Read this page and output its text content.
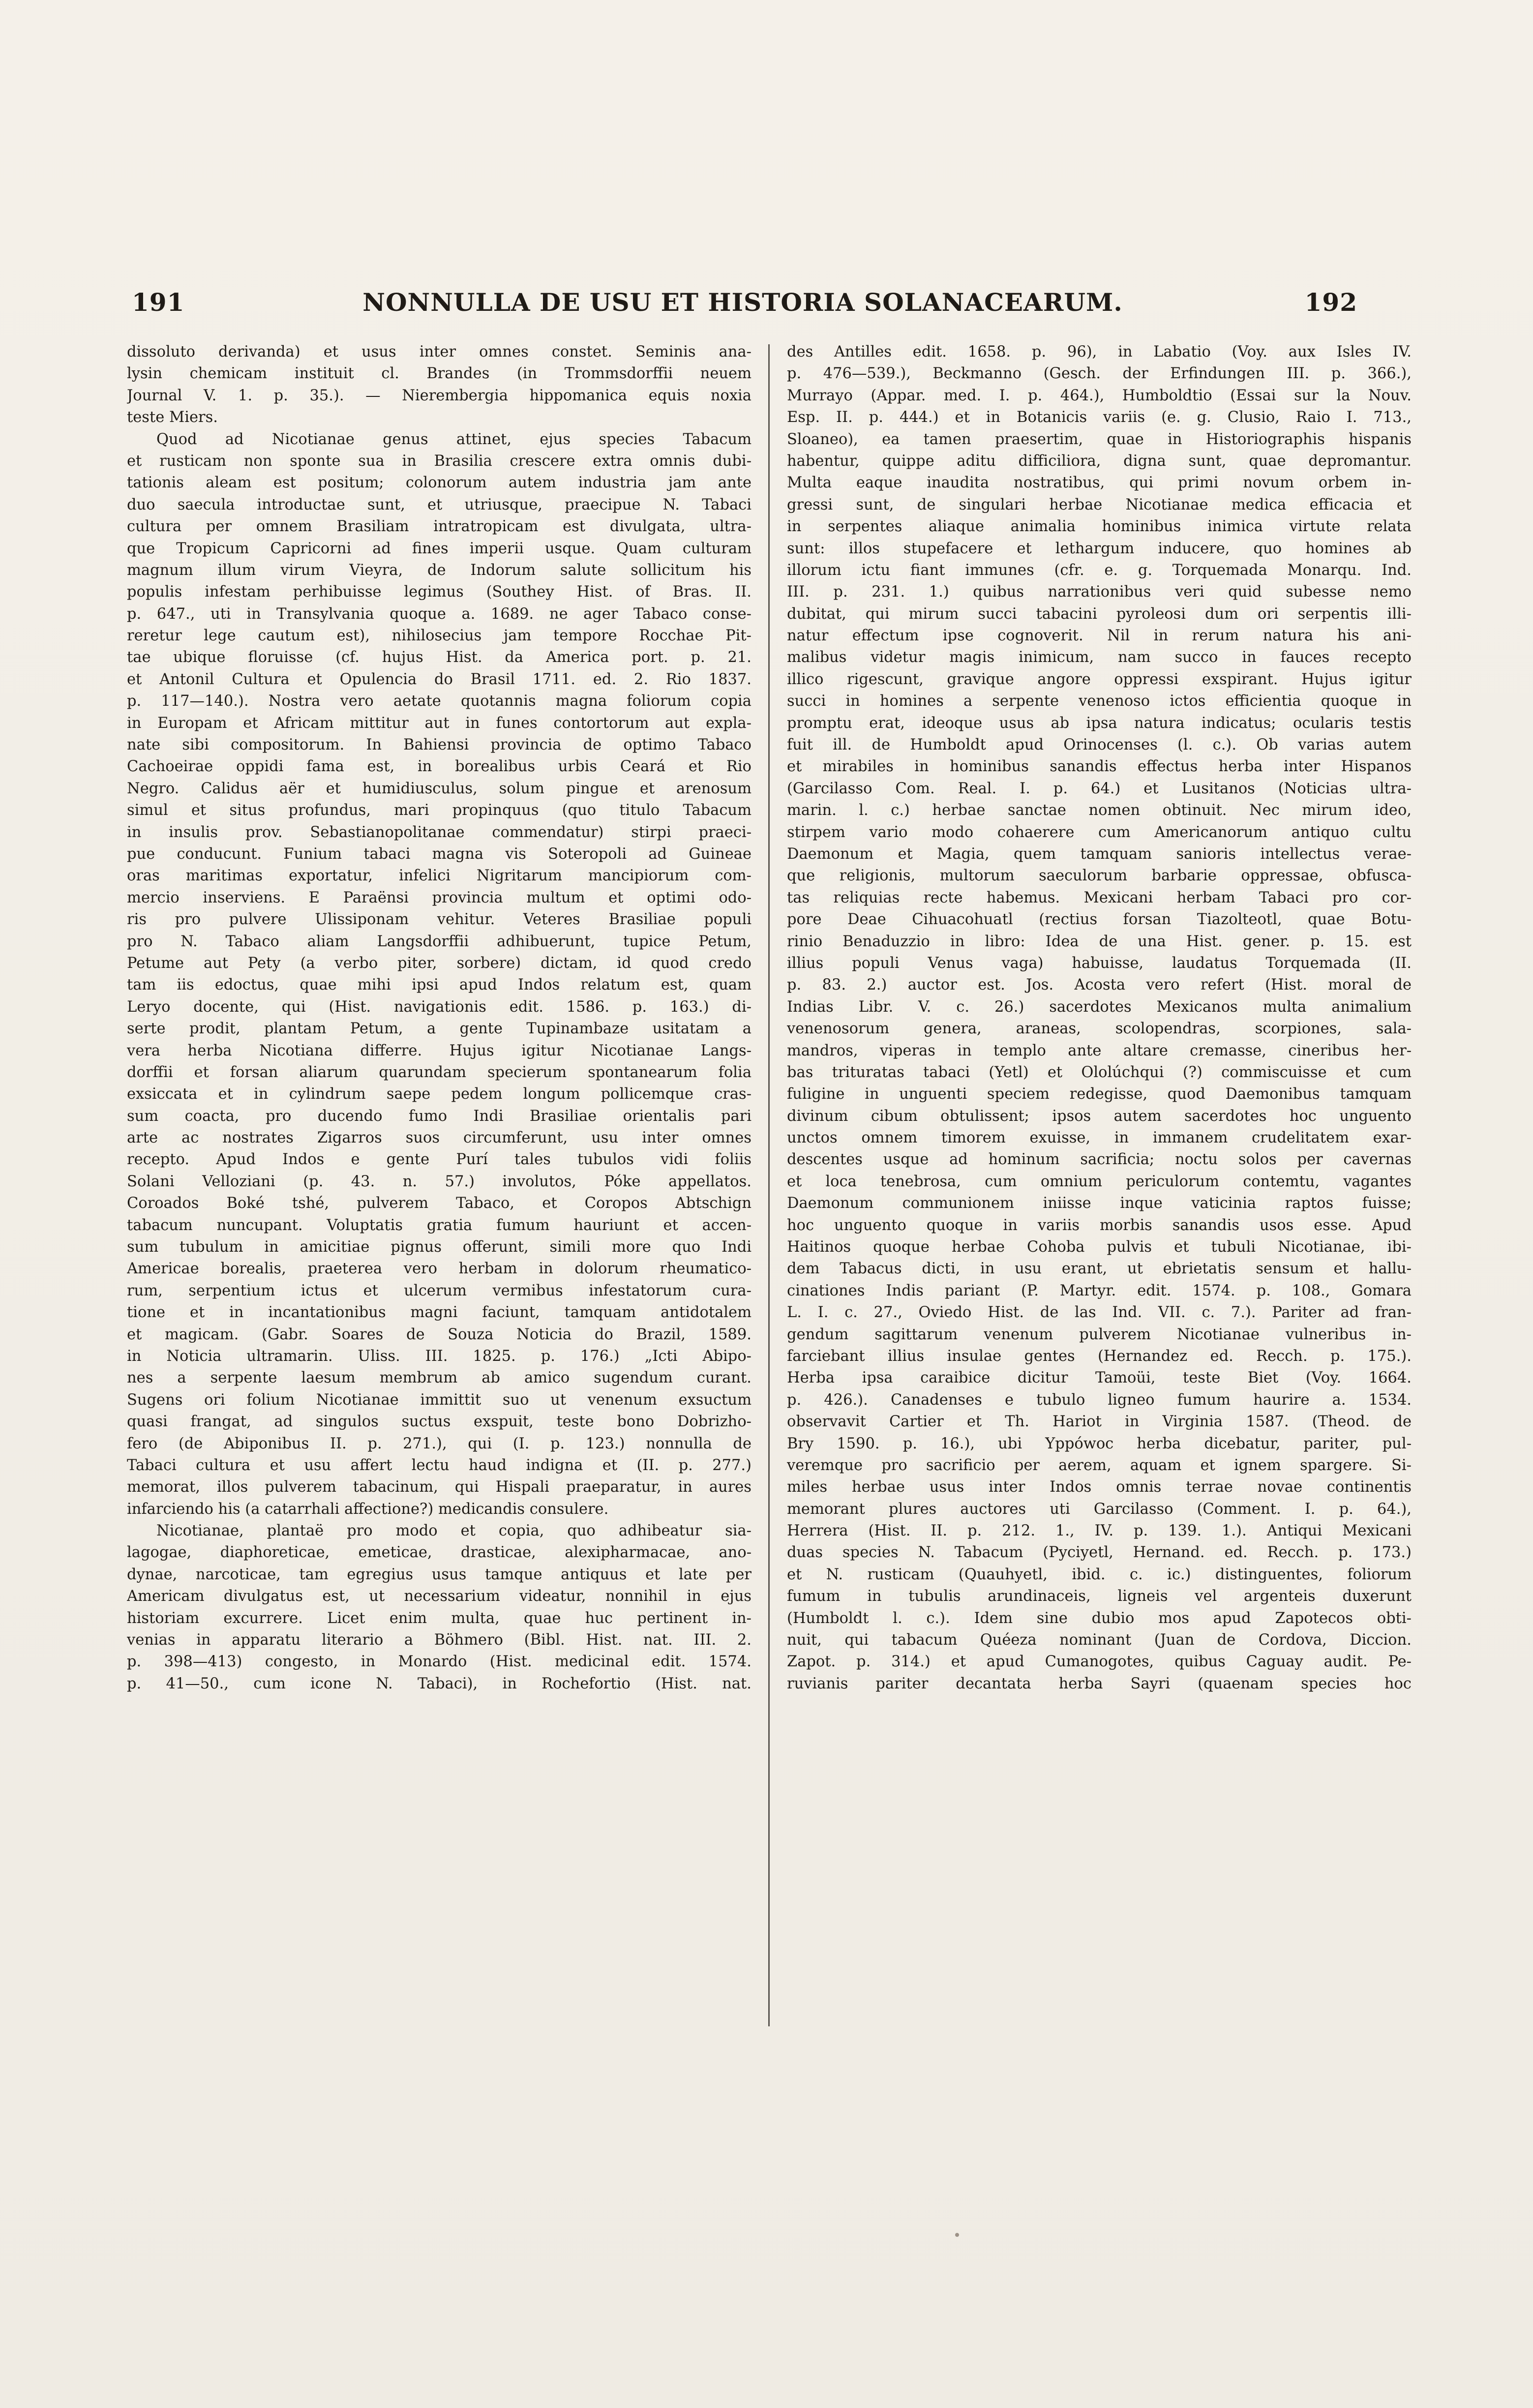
191	NONNULLA DE USU ET HISTORIA SOLANACEARUM.	192
dissoluto derivanda) et usus inter omnes constet. Seminis ana-
lysin chemicam instituit cl. Brandes (in Trommsdorffii neuem
Journal V. 1. p. 35.). — Nierembergia hippomanica equis noxia
teste Miers.
Quod ad Nicotianae genus attinet, ejus species Tabacum
et rusticam non sponte sua in Brasilia crescere extra omnis dubi-
tationis aleam est positum; colonorum autem industria jam ante
duo saecula introductae sunt, et utriusque, praecipue N. Tabaci
cultura per omnem Brasiliam intratropicam est divulgata, ultra-
que Tropicum Capricorni ad fines imperii usque. Quam culturam
magnum illum virum Vieyra, de Indorum salute sollicitum his
populis infestam perhibuisse legimus (Southey Hist. of Bras. II.
p. 647., uti in Transylvania quoque a. 1689. ne ager Tabaco conse-
reretur lege cautum est), nihilosecius jam tempore Rocchae Pit-
tae ubique floruisse (cf. hujus Hist. da America port. p. 21.
et Antonil Cultura et Opulencia do Brasil 1711. ed. 2. Rio 1837.
p. 117—140.). Nostra vero aetate quotannis magna foliorum copia
in Europam et Africam mittitur aut in funes contortorum aut expla-
nate sibi compositorum. In Bahiensi provincia de optimo Tabaco
Cachoeirae oppidi fama est, in borealibus urbis Ceará et Rio
Negro. Calidus aër et humidiusculus, solum pingue et arenosum
simul et situs profundus, mari propinquus (quo titulo Tabacum
in insulis prov. Sebastianopolitanae commendatur) stirpi praeci-
pue conducunt. Funium tabaci magna vis Soteropoli ad Guineae
oras maritimas exportatur, infelici Nigritarum mancipiorum com-
mercio inserviens. E Paraënsi provincia multum et optimi odo-
ris pro pulvere Ulissiponam vehitur. Veteres Brasiliae populi
pro N. Tabaco aliam Langsdorffii adhibuerunt, tupice Petum,
Petume aut Pety (a verbo piter, sorbere) dictam, id quod credo
tam iis edoctus, quae mihi ipsi apud Indos relatum est, quam
Leryo docente, qui (Hist. navigationis edit. 1586. p. 163.) di-
serte prodit, plantam Petum, a gente Tupinambaze usitatam a
vera herba Nicotiana differre. Hujus igitur Nicotianae Langs-
dorffii et forsan aliarum quarundam specierum spontanearum folia
exsiccata et in cylindrum saepe pedem longum pollicemque cras-
sum coacta, pro ducendo fumo Indi Brasiliae orientalis pari
arte ac nostrates Zigarros suos circumferunt, usu inter omnes
recepto. Apud Indos e gente Purí tales tubulos vidi foliis
Solani Velloziani (p. 43. n. 57.) involutos, Póke appellatos.
Coroados Boké tshé, pulverem Tabaco, et Coropos Abtschign
tabacum nuncupant. Voluptatis gratia fumum hauriunt et accen-
sum tubulum in amicitiae pignus offerunt, simili more quo Indi
Americae borealis, praeterea vero herbam in dolorum rheumatico-
rum, serpentium ictus et ulcerum vermibus infestatorum cura-
tione et in incantationibus magni faciunt, tamquam antidotalem
et magicam. (Gabr. Soares de Souza Noticia do Brazil, 1589.
in Noticia ultramarin. Uliss. III. 1825. p. 176.) „Icti Abipo-
nes a serpente laesum membrum ab amico sugendum curant.
Sugens ori folium Nicotianae immittit suo ut venenum exsuctum
quasi frangat, ad singulos suctus exspuit, teste bono Dobrizho-
fero (de Abiponibus II. p. 271.), qui (I. p. 123.) nonnulla de
Tabaci cultura et usu affert lectu haud indigna et (II. p. 277.)
memorat, illos pulverem tabacinum, qui Hispali praeparatur, in aures
infarciendo his (a catarrhali affectione?) medicandis consulere.
Nicotianae, plantaë pro modo et copia, quo adhibeatur sia-
lagogae, diaphoreticae, emeticae, drasticae, alexipharmacae, ano-
dynae, narcoticae, tam egregius usus tamque antiquus et late per
Americam divulgatus est, ut necessarium videatur, nonnihil in ejus
historiam excurrere. Licet enim multa, quae huc pertinent in-
venias in apparatu literario a Böhmero (Bibl. Hist. nat. III. 2.
p. 398—413) congesto, in Monardo (Hist. medicinal edit. 1574.
p. 41—50., cum icone N. Tabaci), in Rochefortio (Hist. nat.
des Antilles edit. 1658. p. 96), in Labatio (Voy. aux Isles IV.
p. 476—539.), Beckmanno (Gesch. der Erfindungen III. p. 366.),
Murrayo (Appar. med. I. p. 464.), Humboldtio (Essai sur la Nouv.
Esp. II. p. 444.) et in Botanicis variis (e. g. Clusio, Raio I. 713.,
Sloaneo), ea tamen praesertim, quae in Historiographis hispanis
habentur, quippe aditu difficiliora, digna sunt, quae depromantur.
Multa eaque inaudita nostratibus, qui primi novum orbem in-
gressi sunt, de singulari herbae Nicotianae medica efficacia et
in serpentes aliaque animalia hominibus inimica virtute relata
sunt: illos stupefacere et lethargum inducere, quo homines ab
illorum ictu fiant immunes (cfr. e. g. Torquemada Monarqu. Ind.
III. p. 231. 1.) quibus narrationibus veri quid subesse nemo
dubitat, qui mirum succi tabacini pyroleosi dum ori serpentis illi-
natur effectum ipse cognoverit. Nil in rerum natura his ani-
malibus videtur magis inimicum, nam succo in fauces recepto
illico rigescunt, gravique angore oppressi exspirant. Hujus igitur
succi in homines a serpente venenoso ictos efficientia quoque in
promptu erat, ideoque usus ab ipsa natura indicatus; ocularis testis
fuit ill. de Humboldt apud Orinocenses (l. c.). Ob varias autem
et mirabiles in hominibus sanandis effectus herba inter Hispanos
(Garcilasso Com. Real. I. p. 64.) et Lusitanos (Noticias ultra-
marin. l. c.) herbae sanctae nomen obtinuit. Nec mirum ideo,
stirpem vario modo cohaerere cum Americanorum antiquo cultu
Daemonum et Magia, quem tamquam sanioris intellectus verae-
que religionis, multorum saeculorum barbarie oppressae, obfusca-
tas reliquias recte habemus. Mexicani herbam Tabaci pro cor-
pore Deae Cihuacohuatl (rectius forsan Tiazolteotl, quae Botu-
rinio Benaduzzio in libro: Idea de una Hist. gener. p. 15. est
illius populi Venus vaga) habuisse, laudatus Torquemada (II.
p. 83. 2.) auctor est. Jos. Acosta vero refert (Hist. moral de
Indias Libr. V. c. 26.) sacerdotes Mexicanos multa animalium
venenosorum genera, araneas, scolopendras, scorpiones, sala-
mandros, viperas in templo ante altare cremasse, cineribus her-
bas trituratas tabaci (Yetl) et Ololúchqui (?) commiscuisse et cum
fuligine in unguenti speciem redegisse, quod Daemonibus tamquam
divinum cibum obtulissent; ipsos autem sacerdotes hoc unguento
unctos omnem timorem exuisse, in immanem crudelitatem exar-
descentes usque ad hominum sacrificia; noctu solos per cavernas
et loca tenebrosa, cum omnium periculorum contemtu, vagantes
Daemonum communionem iniisse inque vaticinia raptos fuisse;
hoc unguento quoque in variis morbis sanandis usos esse. Apud
Haitinos quoque herbae Cohoba pulvis et tubuli Nicotianae, ibi-
dem Tabacus dicti, in usu erant, ut ebrietatis sensum et hallu-
cinationes Indis pariant (P. Martyr. edit. 1574. p. 108., Gomara
L. I. c. 27., Oviedo Hist. de las Ind. VII. c. 7.). Pariter ad fran-
gendum sagittarum venenum pulverem Nicotianae vulneribus in-
farciebant illius insulae gentes (Hernandez ed. Recch. p. 175.).
Herba ipsa caraibice dicitur Tamoüi, teste Biet (Voy. 1664.
p. 426.). Canadenses e tubulo ligneo fumum haurire a. 1534.
observavit Cartier et Th. Hariot in Virginia 1587. (Theod. de
Bry 1590. p. 16.), ubi Yppówoc herba dicebatur, pariter, pul-
veremque pro sacrificio per aerem, aquam et ignem spargere. Si-
miles herbae usus inter Indos omnis terrae novae continentis
memorant plures auctores uti Garcilasso (Comment. I. p. 64.),
Herrera (Hist. II. p. 212. 1., IV. p. 139. 1.). Antiqui Mexicani
duas species N. Tabacum (Pyciyetl, Hernand. ed. Recch. p. 173.)
et N. rusticam (Quauhyetl, ibid. c. ic.) distinguentes, foliorum
fumum in tubulis arundinaceis, ligneis vel argenteis duxerunt
(Humboldt l. c.). Idem sine dubio mos apud Zapotecos obti-
nuit, qui tabacum Quéeza nominant (Juan de Cordova, Diccion.
Zapot. p. 314.) et apud Cumanogotes, quibus Caguay audit. Pe-
ruvianis pariter decantata herba Sayri (quaenam species hoc
